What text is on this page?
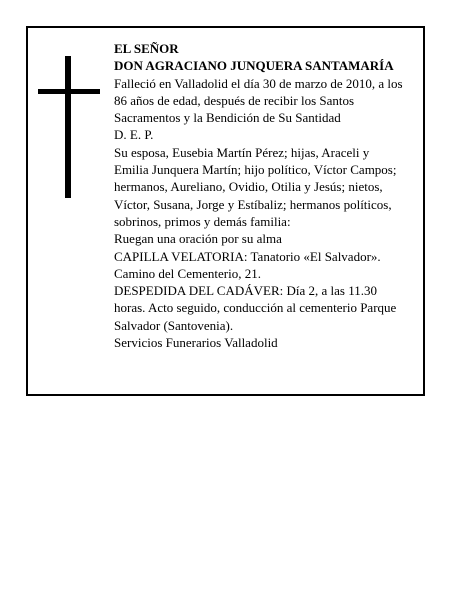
EL SEÑOR
DON AGRACIANO JUNQUERA SANTAMARÍA
Falleció en Valladolid el día 30 de marzo de 2010, a los
86 años de edad, después de recibir los Santos
Sacramentos y la Bendición de Su Santidad
D. E. P.
Su esposa, Eusebia Martín Pérez; hijas, Araceli y
Emilia Junquera Martín; hijo político, Víctor Campos;
hermanos, Aureliano, Ovidio, Otilia y Jesús; nietos,
Víctor, Susana, Jorge y Estíbaliz; hermanos políticos,
sobrinos, primos y demás familia:
Ruegan una oración por su alma
CAPILLA VELATORIA: Tanatorio «El Salvador».
Camino del Cementerio, 21.
DESPEDIDA DEL CADÁVER: Día 2, a las 11.30
horas. Acto seguido, conducción al cementerio Parque
Salvador (Santovenia).
Servicios Funerarios Valladolid
